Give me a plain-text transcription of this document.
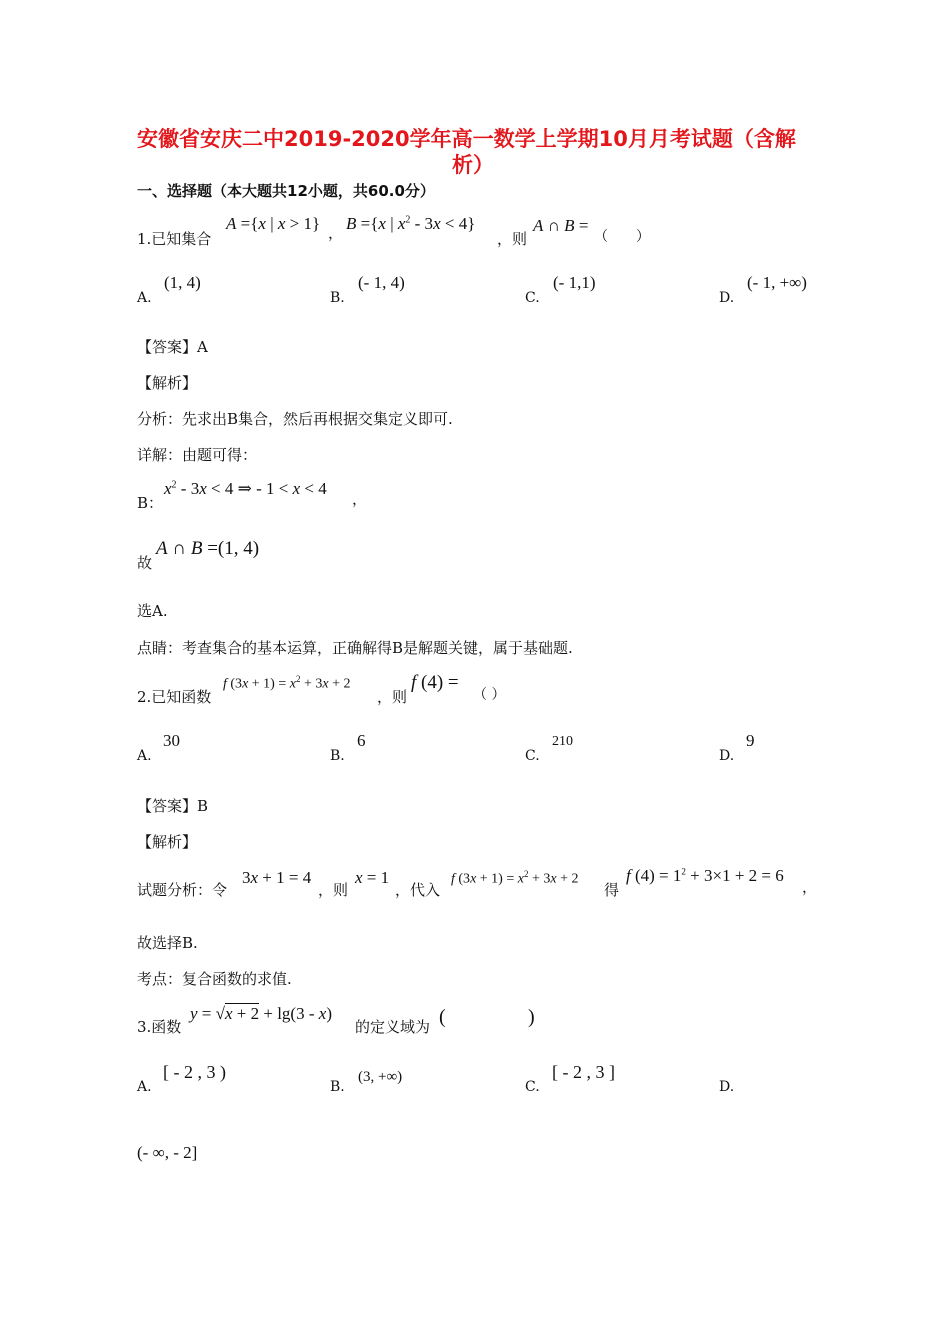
安徽省安庆二中2019-2020学年高一数学上学期10月月考试题（含解
析）
一、选择题（本大题共12小题，共60.0分）
1.已知集合
A ={x | x > 1} ， B ={x | $x^2 - 3x < 4$}
，则
A ∩ B =
（　　）
A.
(1, 4)
B.
(- 1, 4)
C.
(- 1,1)
D.
(- 1, +∞)
【答案】A
【解析】
分析：先求出B集合，然后再根据交集定义即可.
详解：由题可得：
B：
$x^2 - 3x < 4$ ⇒ - 1 < x < 4
，
故
A ∩ B =(1, 4)
选A.
点睛：考查集合的基本运算，正确解得B是解题关键，属于基础题.
2.已知函数
f $(3x + 1) = x^2 + 3x + 2$
，则
f (4) =
（ ）
A.
30
B.
6
C.
210
D.
9
【答案】B
【解析】
试题分析：令
3x + 1 = 4
，则
x = 1
，代入
f $(3x + 1) = x^2 + 3x + 2$
得
f $(4) = 1^2 + 3\times 1 + 2 = 6$
，
故选择B.
考点：复合函数的求值.
3.函数
y = √x + 2 + lg(3 - x)
的定义域为 (	)
A.
[ - 2 , 3 )
B.
(3, +∞)
C.
[ - 2 , 3 ]
D.
(- ∞, - 2]
